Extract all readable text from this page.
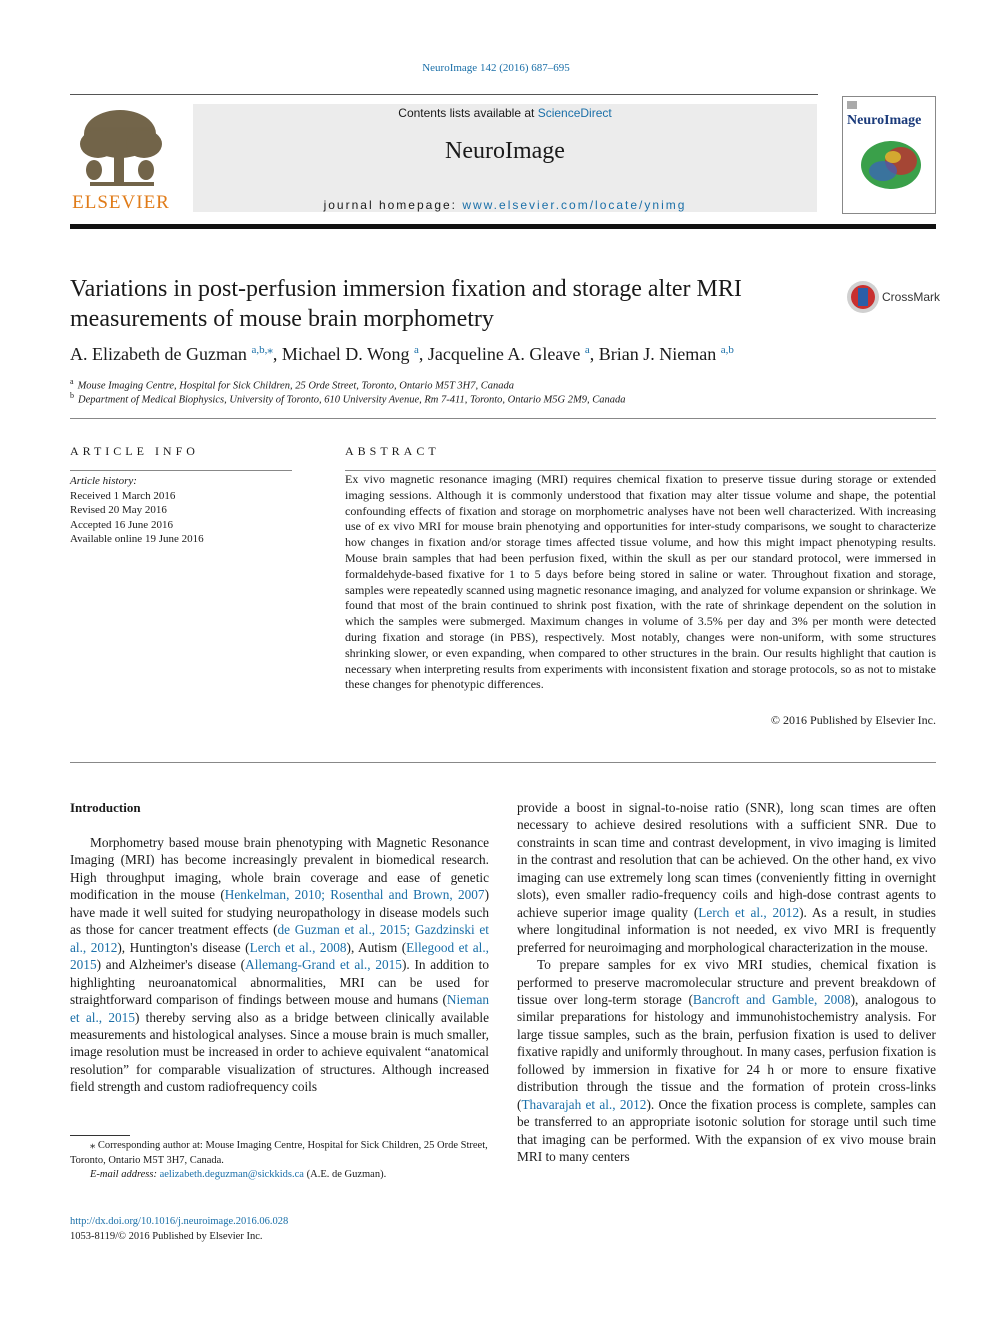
NeuroImage 142 (2016) 687–695
ELSEVIER
Contents lists available at ScienceDirect
NeuroImage
journal homepage: www.elsevier.com/locate/ynimg
NeuroImage
Variations in post-perfusion immersion fixation and storage alter MRI measurements of mouse brain morphometry
CrossMark
A. Elizabeth de Guzman $^{a,b,⁎}$, Michael D. Wong $^a$, Jacqueline A. Gleave $^a$, Brian J. Nieman $^{a,b}$
$^a$ Mouse Imaging Centre, Hospital for Sick Children, 25 Orde Street, Toronto, Ontario M5T 3H7, Canada
$^b$ Department of Medical Biophysics, University of Toronto, 610 University Avenue, Rm 7-411, Toronto, Ontario M5G 2M9, Canada
ARTICLE INFO
Article history:
Received 1 March 2016
Revised 20 May 2016
Accepted 16 June 2016
Available online 19 June 2016
ABSTRACT
Ex vivo magnetic resonance imaging (MRI) requires chemical fixation to preserve tissue during storage or extended imaging sessions. Although it is commonly understood that fixation may alter tissue volume and shape, the potential confounding effects of fixation and storage on morphometric analyses have not been well characterized. With increasing use of ex vivo MRI for mouse brain phenotying and opportunities for inter-study comparisons, we sought to characterize how changes in fixation and/or storage times affected tissue volume, and how this might impact phenotyping results. Mouse brain samples that had been perfusion fixed, within the skull as per our standard protocol, were immersed in formaldehyde-based fixative for 1 to 5 days before being stored in saline or water. Throughout fixation and storage, samples were repeatedly scanned using magnetic resonance imaging, and analyzed for volume expansion or shrinkage. We found that most of the brain continued to shrink post fixation, with the rate of shrinkage dependent on the solution in which the samples were submerged. Maximum changes in volume of 3.5% per day and 3% per month were detected during fixation and storage (in PBS), respectively. Most notably, changes were non-uniform, with some structures shrinking slower, or even expanding, when compared to other structures in the brain. Our results highlight that caution is necessary when interpreting results from experiments with inconsistent fixation and storage protocols, so as not to mistake these changes for phenotypic differences.
© 2016 Published by Elsevier Inc.
Introduction

Morphometry based mouse brain phenotyping with Magnetic Resonance Imaging (MRI) has become increasingly prevalent in biomedical research. High throughput imaging, whole brain coverage and ease of genetic modification in the mouse (Henkelman, 2010; Rosenthal and Brown, 2007) have made it well suited for studying neuropathology in disease models such as those for cancer treatment effects (de Guzman et al., 2015; Gazdzinski et al., 2012), Huntington's disease (Lerch et al., 2008), Autism (Ellegood et al., 2015) and Alzheimer's disease (Allemang-Grand et al., 2015). In addition to highlighting neuroanatomical abnormalities, MRI can be used for straightforward comparison of findings between mouse and humans (Nieman et al., 2015) thereby serving also as a bridge between clinically available measurements and histological analyses. Since a mouse brain is much smaller, image resolution must be increased in order to achieve equivalent “anatomical resolution” for comparable visualization of structures. Although increased field strength and custom radiofrequency coils

provide a boost in signal-to-noise ratio (SNR), long scan times are often necessary to achieve desired resolutions with a sufficient SNR. Due to constraints in scan time and contrast development, in vivo imaging is limited in the contrast and resolution that can be achieved. On the other hand, ex vivo imaging can use extremely long scan times (conveniently fitting in overnight slots), even smaller radio-frequency coils and high-dose contrast agents to achieve superior image quality (Lerch et al., 2012). As a result, in studies where longitudinal information is not needed, ex vivo MRI is frequently preferred for neuroimaging and morphological characterization in the mouse.

To prepare samples for ex vivo MRI studies, chemical fixation is performed to preserve macromolecular structure and prevent breakdown of tissue over long-term storage (Bancroft and Gamble, 2008), analogous to similar preparations for histology and immunohistochemistry analysis. For large tissue samples, such as the brain, perfusion fixation is used to deliver fixative rapidly and uniformly throughout. In many cases, perfusion fixation is followed by immersion in fixative for 24 h or more to ensure fixative distribution through the tissue and the formation of protein cross-links (Thavarajah et al., 2012). Once the fixation process is complete, samples can be transferred to an appropriate isotonic solution for storage until such time that imaging can be performed. With the expansion of ex vivo mouse brain MRI to many centers

⁎ Corresponding author at: Mouse Imaging Centre, Hospital for Sick Children, 25 Orde Street, Toronto, Ontario M5T 3H7, Canada.
E-mail address: aelizabeth.deguzman@sickkids.ca (A.E. de Guzman).
http://dx.doi.org/10.1016/j.neuroimage.2016.06.028
1053-8119/© 2016 Published by Elsevier Inc.
